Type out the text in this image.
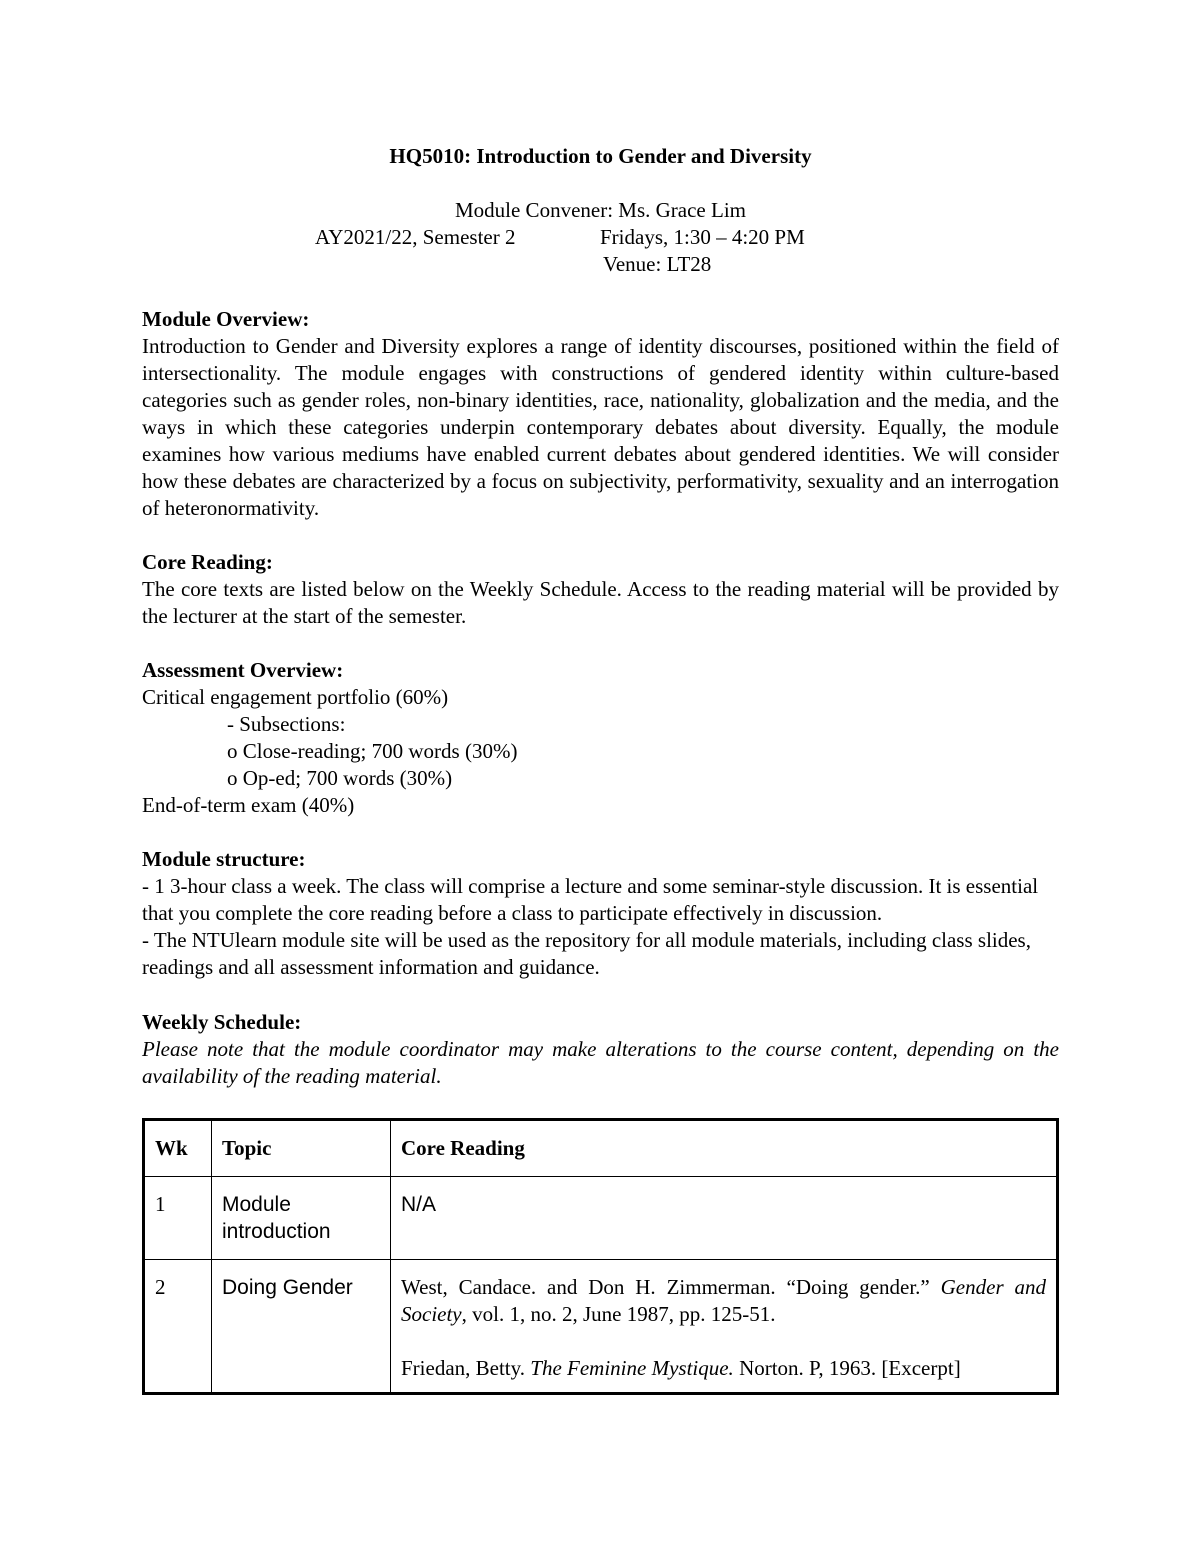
HQ5010: Introduction to Gender and Diversity
Module Convener: Ms. Grace Lim
AY2021/22, Semester 2	Fridays, 1:30 – 4:20 PM
Venue: LT28
Module Overview:
Introduction to Gender and Diversity explores a range of identity discourses, positioned within the field of intersectionality. The module engages with constructions of gendered identity within culture-based categories such as gender roles, non-binary identities, race, nationality, globalization and the media, and the ways in which these categories underpin contemporary debates about diversity. Equally, the module examines how various mediums have enabled current debates about gendered identities. We will consider how these debates are characterized by a focus on subjectivity, performativity, sexuality and an interrogation of heteronormativity.
Core Reading:
The core texts are listed below on the Weekly Schedule. Access to the reading material will be provided by the lecturer at the start of the semester.
Assessment Overview:
Critical engagement portfolio (60%)
- Subsections:
o Close-reading; 700 words (30%)
o Op-ed; 700 words (30%)
End-of-term exam (40%)
Module structure:
- 1 3-hour class a week. The class will comprise a lecture and some seminar-style discussion. It is essential that you complete the core reading before a class to participate effectively in discussion.
- The NTUlearn module site will be used as the repository for all module materials, including class slides, readings and all assessment information and guidance.
Weekly Schedule:
Please note that the module coordinator may make alterations to the course content, depending on the availability of the reading material.
Wk	Topic	Core Reading
1	Module introduction	N/A
2	Doing Gender	West, Candace. and Don H. Zimmerman. “Doing gender.” Gender and Society, vol. 1, no. 2, June 1987, pp. 125-51.
Friedan, Betty. The Feminine Mystique. Norton. P, 1963. [Excerpt]
